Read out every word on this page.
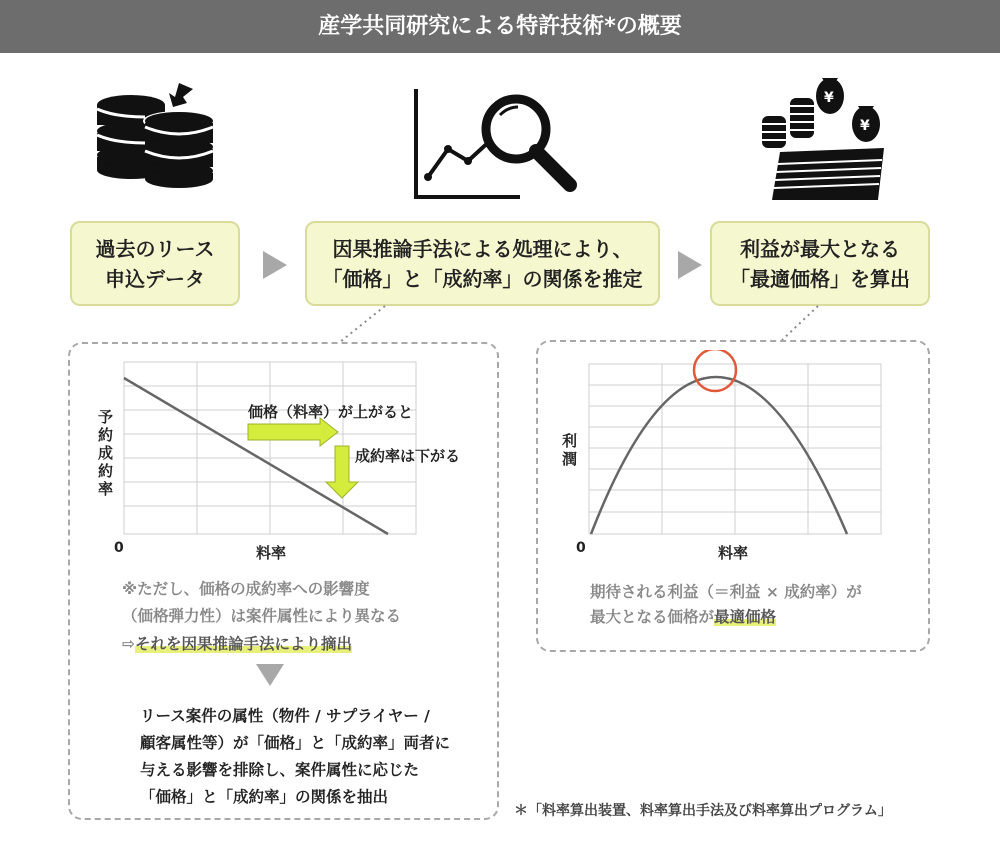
産学共同研究による特許技術*の概要
¥
¥
過去のリース
申込データ
因果推論手法による処理により、
「価格」と「成約率」の関係を推定
利益が最大となる
「最適価格」を算出
予約成約率
価格（料率）が上がると
成約率は下がる
0	料率
※ただし、価格の成約率への影響度
（価格弾力性）は案件属性により異なる
⇨それを因果推論手法により摘出
リース案件の属性（物件 / サプライヤー /
顧客属性等）が「価格」と「成約率」両者に
与える影響を排除し、案件属性に応じた
「価格」と「成約率」の関係を抽出
利潤
0	料率
期待される利益（＝利益 × 成約率）が
最大となる価格が最適価格
＊「料率算出装置、料率算出手法及び料率算出プログラム」
